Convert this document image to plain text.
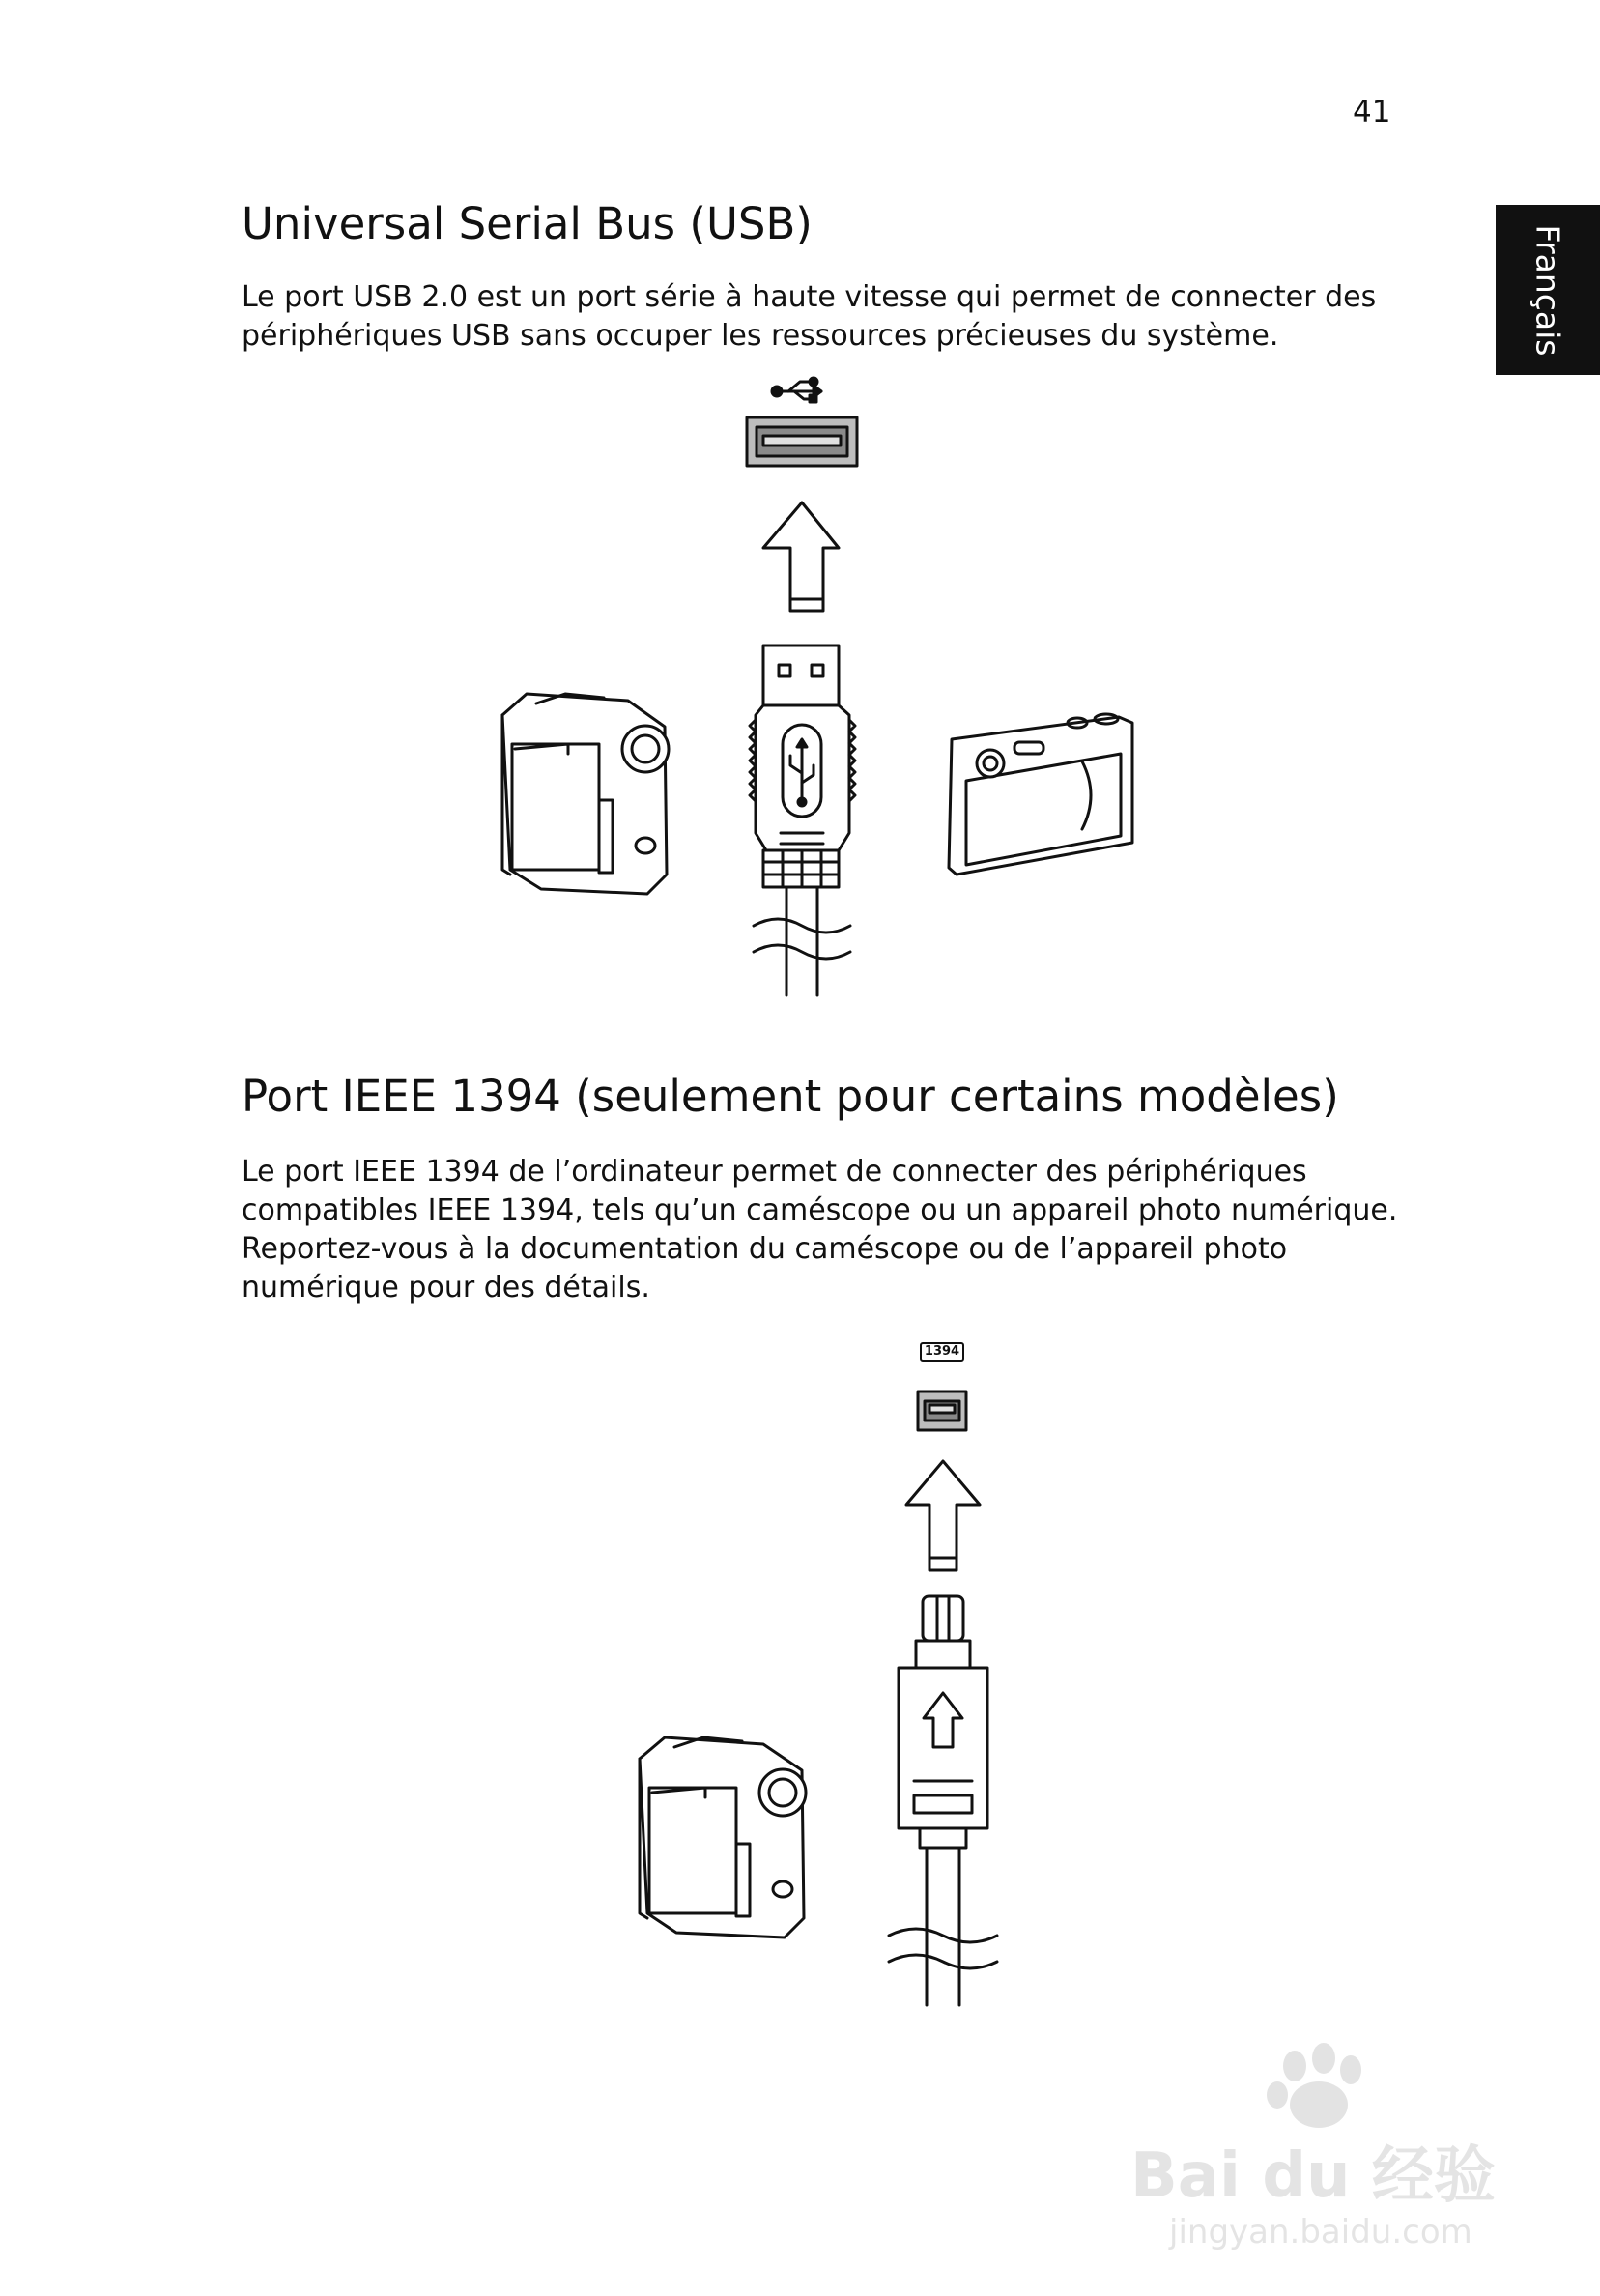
41
Français
Universal Serial Bus (USB)
Le port USB 2.0 est un port série à haute vitesse qui permet de connecter des
périphériques USB sans occuper les ressources précieuses du système.
Port IEEE 1394 (seulement pour certains modèles)
Le port IEEE 1394 de l’ordinateur permet de connecter des périphériques
compatibles IEEE 1394, tels qu’un caméscope ou un appareil photo numérique.
Reportez-vous à la documentation du caméscope ou de l’appareil photo
numérique pour des détails.
1394
Bai du 经验
jingyan.baidu.com
